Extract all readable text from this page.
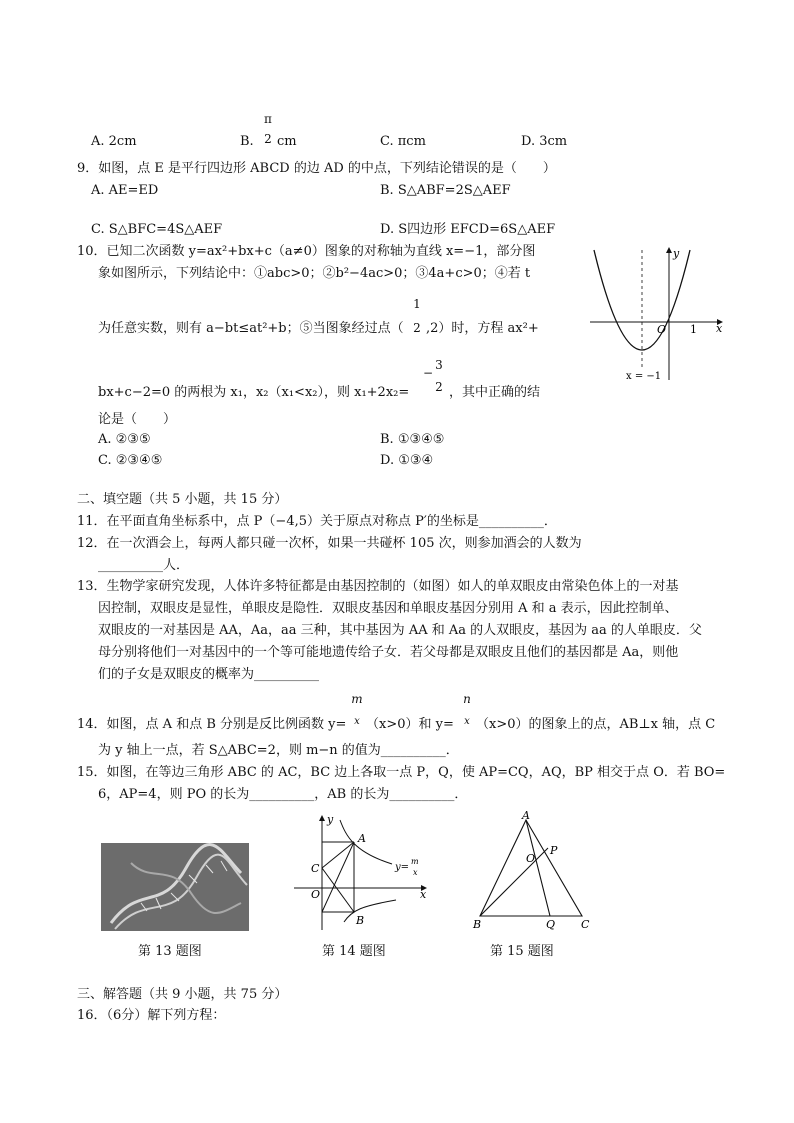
A. 2cm	B.
π
2 cm	C. πcm	D. 3cm
9．如图，点 E 是平行四边形 ABCD 的边 AD 的中点，下列结论错误的是（　　）
A. AE=ED	B. S△ABF=2S△AEF
C. S△BFC=4S△AEF	D. S四边形 EFCD=6S△AEF
10．已知二次函数 y=ax²+bx+c（a≠0）图象的对称轴为直线 x=−1，部分图
象如图所示，下列结论中：①abc>0；②b²−4ac>0；③4a+c>0；④若 t
为任意实数，则有 a−bt≤at²+b；⑤当图象经过点（
1
2 ,2）时，方程 ax²+
bx+c−2=0 的两根为 x₁，x₂（x₁<x₂），则 x₁+2x₂=
−
3
2 ，其中正确的结
论是（　　）
A. ②③⑤	B. ①③④⑤
C. ②③④⑤	D. ①③④
y
x
O 1
x = −1
二、填空题（共 5 小题，共 15 分）
11．在平面直角坐标系中，点 P（−4,5）关于原点对称点 P′的坐标是__________．
12．在一次酒会上，每两人都只碰一次杯，如果一共碰杯 105 次，则参加酒会的人数为
__________人．
13．生物学家研究发现，人体许多特征都是由基因控制的（如图）如人的单双眼皮由常染色体上的一对基
因控制，双眼皮是显性，单眼皮是隐性．双眼皮基因和单眼皮基因分别用 A 和 a 表示，因此控制单、
双眼皮的一对基因是 AA，Aa，aa 三种，其中基因为 AA 和 Aa 的人双眼皮，基因为 aa 的人单眼皮．父
母分别将他们一对基因中的一个等可能地遗传给子女．若父母都是双眼皮且他们的基因都是 Aa，则他
们的子女是双眼皮的概率为__________
14．如图，点 A 和点 B 分别是反比例函数 y=
m
x （x>0）和 y=
n
x （x>0）的图象上的点，AB⊥x 轴，点 C
为 y 轴上一点，若 S△ABC=2，则 m−n 的值为__________．
15．如图，在等边三角形 ABC 的 AC，BC 边上各取一点 P，Q，使 AP=CQ，AQ，BP 相交于点 O．若 BO=
6，AP=4，则 PO 的长为__________，AB 的长为__________．
第 13 题图
y
x
O
A
B
C	y=
m
x
第 14 题图
A
B	C
O
P
Q
第 15 题图
三、解答题（共 9 小题，共 75 分）
16．（6分）解下列方程：
